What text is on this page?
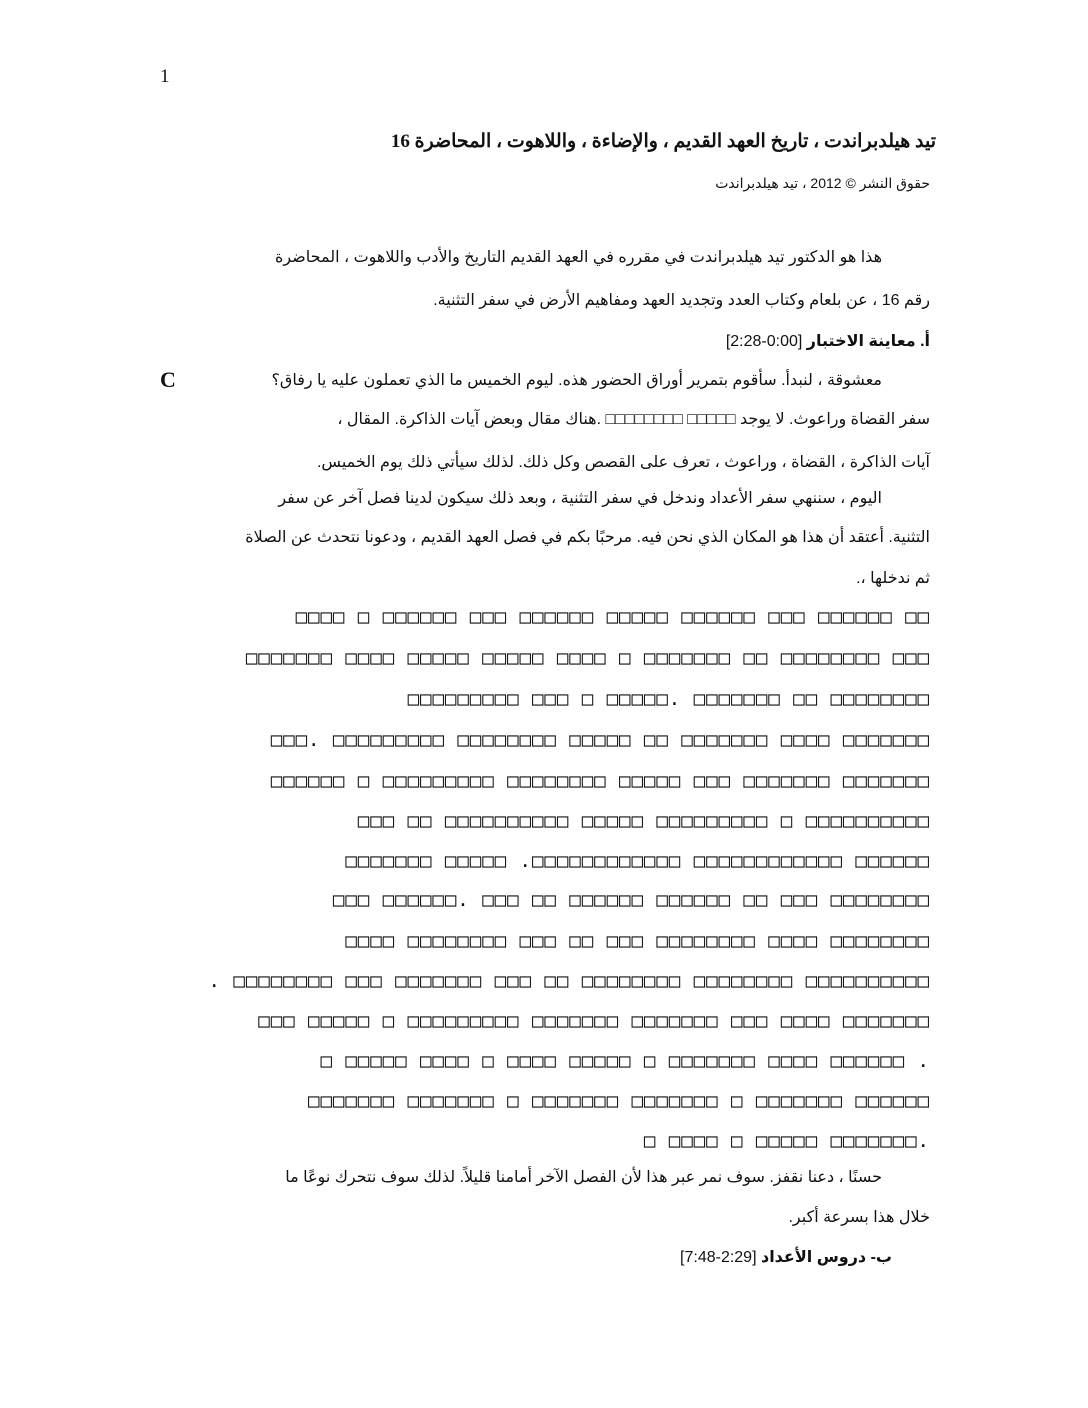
1
تيد هيلدبراندت ، تاريخ العهد القديم ، والإضاءة ، واللاهوت ، المحاضرة 16
حقوق النشر © 2012 ، تيد هيلدبراندت
هذا هو الدكتور تيد هيلدبراندت في مقرره في العهد القديم التاريخ والأدب واللاهوت ، المحاضرة
رقم 16 ، عن بلعام وكتاب العدد وتجديد العهد ومفاهيم الأرض في سفر التثنية.
أ. معاينة الاختبار [0:00-2:28]
C	معشوقة ، لنبدأ. سأقوم بتمرير أوراق الحضور هذه. ليوم الخميس ما الذي تعملون عليه يا رفاق؟
سفر القضاة وراعوث. لا يوجد □□□□□ □□□□□□□□ .هناك مقال وبعض آيات الذاكرة. المقال ،
آيات الذاكرة ، القضاة ، وراعوث ، تعرف على القصص وكل ذلك. لذلك سيأتي ذلك يوم الخميس.
اليوم ، سننهي سفر الأعداد وندخل في سفر التثنية ، وبعد ذلك سيكون لدينا فصل آخر عن سفر
التثنية. أعتقد أن هذا هو المكان الذي نحن فيه. مرحبًا بكم في فصل العهد القديم ، ودعونا نتحدث عن الصلاة
ثم ندخلها ،.
□□ □□□□□□ □□□ □□□□□□ □□□□□ □□□□□□ □□□ □□□□□□ □ □□□□
□□□ □□□□□□□□ □□ □□□□□□□ □ □□□□ □□□□□ □□□□□ □□□□ □□□□□□□
□□□□□□□□ □□ □□□□□□□ .□□□□□ □ □□□ □□□□□□□□□
□□□□□□□ □□□□ □□□□□□□ □□ □□□□□ □□□□□□□□ □□□□□□□□□ .□□□
□□□□□□□ □□□□□□□ □□□ □□□□□ □□□□□□□□ □□□□□□□□□ □ □□□□□□
□□□□□□□□□□ □ □□□□□□□□□ □□□□□ □□□□□□□□□□ □□ □□□
□□□□□□ □□□□□□□□□□□□ □□□□□□□□□□□□. □□□□□ □□□□□□□
□□□□□□□□ □□□ □□ □□□□□□ □□□□□□ □□ □□□ .□□□□□□ □□□
□□□□□□□□ □□□□ □□□□□□□□ □□□ □□ □□□ □□□□□□□□ □□□□
□□□□□□□□□□ □□□□□□□□ □□□□□□□□ □□ □□□ □□□□□□□ □□□ □□□□□□□□ .
□□□□□□□ □□□□ □□□ □□□□□□□ □□□□□□□ □□□□□□□□□ □ □□□□□ □□□
. □□□□□□ □□□□ □□□□□□□ □ □□□□□ □□□□ □ □□□□ □□□□□ □
□□□□□□ □□□□□□□ □ □□□□□□□ □□□□□□□ □ □□□□□□□ □□□□□□□
.□□□□□□□ □□□□□ □ □□□□ □
حسنًا ، دعنا نقفز. سوف نمر عبر هذا لأن الفصل الآخر أمامنا قليلاً. لذلك سوف نتحرك نوعًا ما
خلال هذا بسرعة أكبر.
ب- دروس الأعداد [2:29-7:48]
